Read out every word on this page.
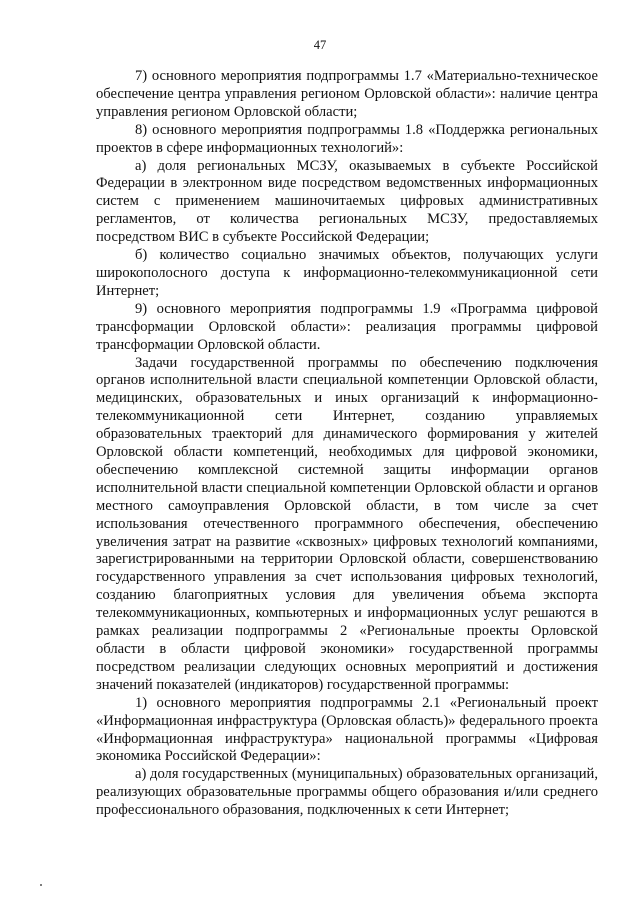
47

7) основного мероприятия подпрограммы 1.7 «Материально-техническое обеспечение центра управления регионом Орловской области»: наличие центра управления регионом Орловской области;

8) основного мероприятия подпрограммы 1.8 «Поддержка региональных проектов в сфере информационных технологий»:

а) доля региональных МСЗУ, оказываемых в субъекте Российской Федерации в электронном виде посредством ведомственных информационных систем с применением машиночитаемых цифровых административных регламентов, от количества региональных МСЗУ, предоставляемых посредством ВИС в субъекте Российской Федерации;

б) количество социально значимых объектов, получающих услуги широкополосного доступа к информационно-телекоммуникационной сети Интернет;

9) основного мероприятия подпрограммы 1.9 «Программа цифровой трансформации Орловской области»: реализация программы цифровой трансформации Орловской области.

Задачи государственной программы по обеспечению подключения органов исполнительной власти специальной компетенции Орловской области, медицинских, образовательных и иных организаций к информационно-телекоммуникационной сети Интернет, созданию управляемых образовательных траекторий для динамического формирования у жителей Орловской области компетенций, необходимых для цифровой экономики, обеспечению комплексной системной защиты информации органов исполнительной власти специальной компетенции Орловской области и органов местного самоуправления Орловской области, в том числе за счет использования отечественного программного обеспечения, обеспечению увеличения затрат на развитие «сквозных» цифровых технологий компаниями, зарегистрированными на территории Орловской области, совершенствованию государственного управления за счет использования цифровых технологий, созданию благоприятных условия для увеличения объема экспорта телекоммуникационных, компьютерных и информационных услуг решаются в рамках реализации подпрограммы 2 «Региональные проекты Орловской области в области цифровой экономики» государственной программы посредством реализации следующих основных мероприятий и достижения значений показателей (индикаторов) государственной программы:

1) основного мероприятия подпрограммы 2.1 «Региональный проект «Информационная инфраструктура (Орловская область)» федерального проекта «Информационная инфраструктура» национальной программы «Цифровая экономика Российской Федерации»:

а) доля государственных (муниципальных) образовательных организаций, реализующих образовательные программы общего образования и/или среднего профессионального образования, подключенных к сети Интернет;
